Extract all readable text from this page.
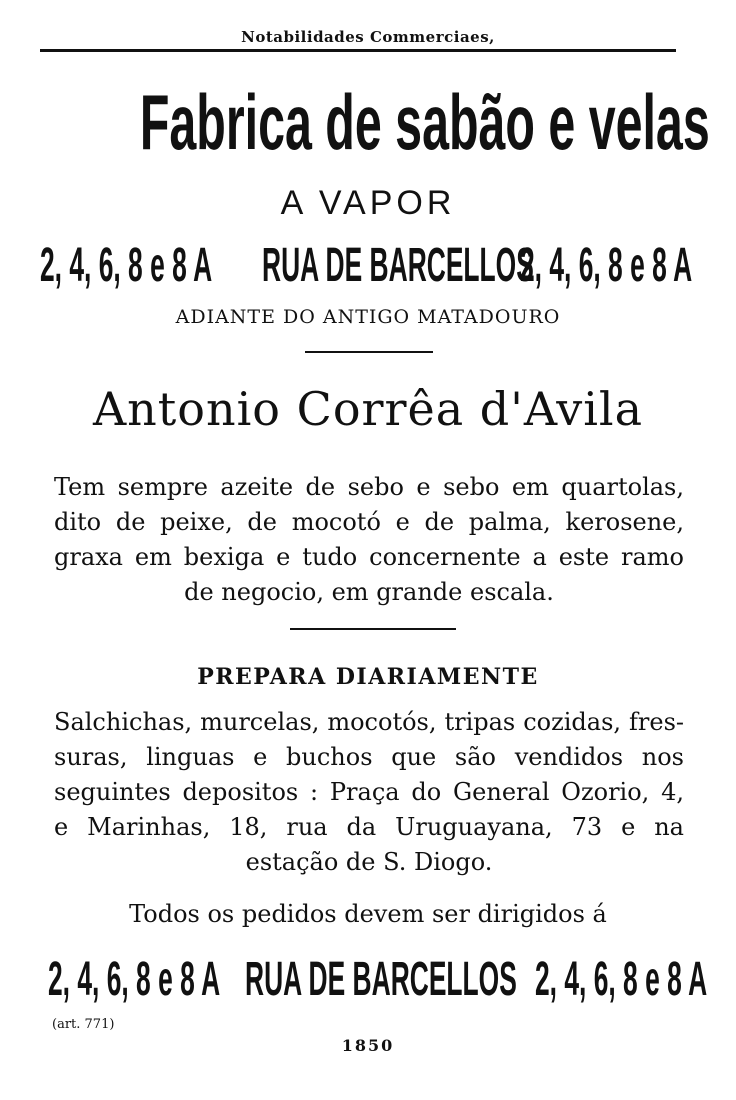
Notabilidades Commerciaes,
Fabrica de sabão e velas
A VAPOR
2, 4, 6, 8 e 8 A RUA DE BARCELLOS
2, 4, 6, 8 e 8 A
ADIANTE DO ANTIGO MATADOURO
Antonio Corrêa d'Avila
Tem sempre azeite de sebo e sebo em quartolas,
dito de peixe, de mocotó e de palma, kerosene,
graxa em bexiga e tudo concernente a este ramo
de negocio, em grande escala.
PREPARA DIARIAMENTE
Salchichas, murcelas, mocotós, tripas cozidas, fres-
suras, linguas e buchos que são vendidos nos
seguintes depositos : Praça do General Ozorio, 4,
e Marinhas, 18, rua da Uruguayana, 73 e na
estação de S. Diogo.
Todos os pedidos devem ser dirigidos á
2, 4, 6, 8 e 8 A RUA DE BARCELLOS 2, 4, 6, 8 e 8 A
(art. 771)
1850
